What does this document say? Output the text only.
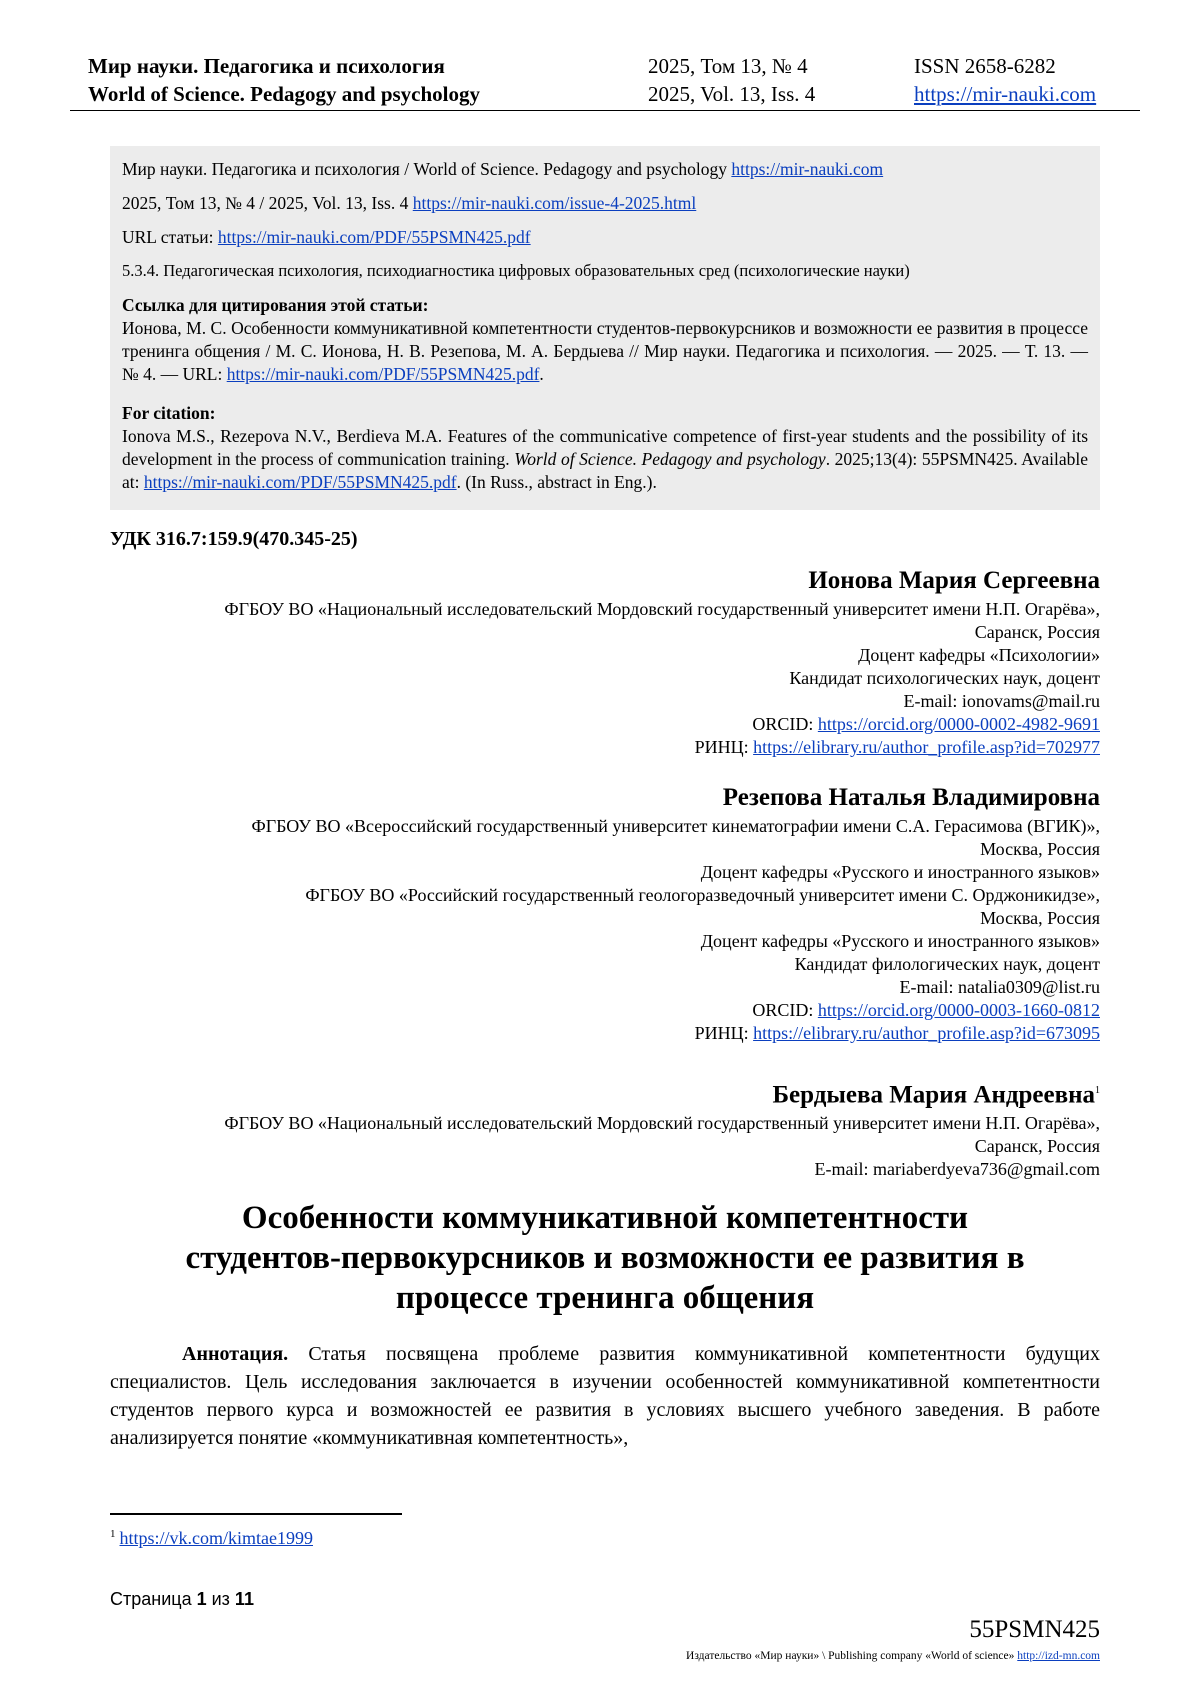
Мир науки. Педагогика и психология
World of Science. Pedagogy and psychology
2025, Том 13, № 4
2025, Vol. 13, Iss. 4
ISSN 2658-6282
https://mir-nauki.com
Мир науки. Педагогика и психология / World of Science. Pedagogy and psychology https://mir-nauki.com
2025, Том 13, № 4 / 2025, Vol. 13, Iss. 4 https://mir-nauki.com/issue-4-2025.html
URL статьи: https://mir-nauki.com/PDF/55PSMN425.pdf
5.3.4. Педагогическая психология, психодиагностика цифровых образовательных сред (психологические науки)
Ссылка для цитирования этой статьи:
Ионова, М. С. Особенности коммуникативной компетентности студентов-первокурсников и возможности ее развития в процессе тренинга общения / М. С. Ионова, Н. В. Резепова, М. А. Бердыева // Мир науки. Педагогика и психология. — 2025. — Т. 13. — № 4. — URL: https://mir-nauki.com/PDF/55PSMN425.pdf.
For citation:
Ionova M.S., Rezepova N.V., Berdieva M.A. Features of the communicative competence of first-year students and the possibility of its development in the process of communication training. World of Science. Pedagogy and psychology. 2025;13(4): 55PSMN425. Available at: https://mir-nauki.com/PDF/55PSMN425.pdf. (In Russ., abstract in Eng.).
УДК 316.7:159.9(470.345-25)
Ионова Мария Сергеевна
ФГБОУ ВО «Национальный исследовательский Мордовский государственный университет имени Н.П. Огарёва»,
Саранск, Россия
Доцент кафедры «Психологии»
Кандидат психологических наук, доцент
E-mail: ionovams@mail.ru
ORCID: https://orcid.org/0000-0002-4982-9691
РИНЦ: https://elibrary.ru/author_profile.asp?id=702977
Резепова Наталья Владимировна
ФГБОУ ВО «Всероссийский государственный университет кинематографии имени С.А. Герасимова (ВГИК)»,
Москва, Россия
Доцент кафедры «Русского и иностранного языков»
ФГБОУ ВО «Российский государственный геологоразведочный университет имени С. Орджоникидзе»,
Москва, Россия
Доцент кафедры «Русского и иностранного языков»
Кандидат филологических наук, доцент
E-mail: natalia0309@list.ru
ORCID: https://orcid.org/0000-0003-1660-0812
РИНЦ: https://elibrary.ru/author_profile.asp?id=673095
Бердыева Мария Андреевна$^1$
ФГБОУ ВО «Национальный исследовательский Мордовский государственный университет имени Н.П. Огарёва»,
Саранск, Россия
E-mail: mariaberdyeva736@gmail.com
Особенности коммуникативной компетентности
студентов-первокурсников и возможности ее развития в
процессе тренинга общения
Аннотация. Статья посвящена проблеме развития коммуникативной компетентности будущих специалистов. Цель исследования заключается в изучении особенностей коммуникативной компетентности студентов первого курса и возможностей ее развития в условиях высшего учебного заведения. В работе анализируется понятие «коммуникативная компетентность»,
$^1$ https://vk.com/kimtae1999
Страница 1 из 11
55PSMN425
Издательство «Мир науки» \ Publishing company «World of science» http://izd-mn.com
